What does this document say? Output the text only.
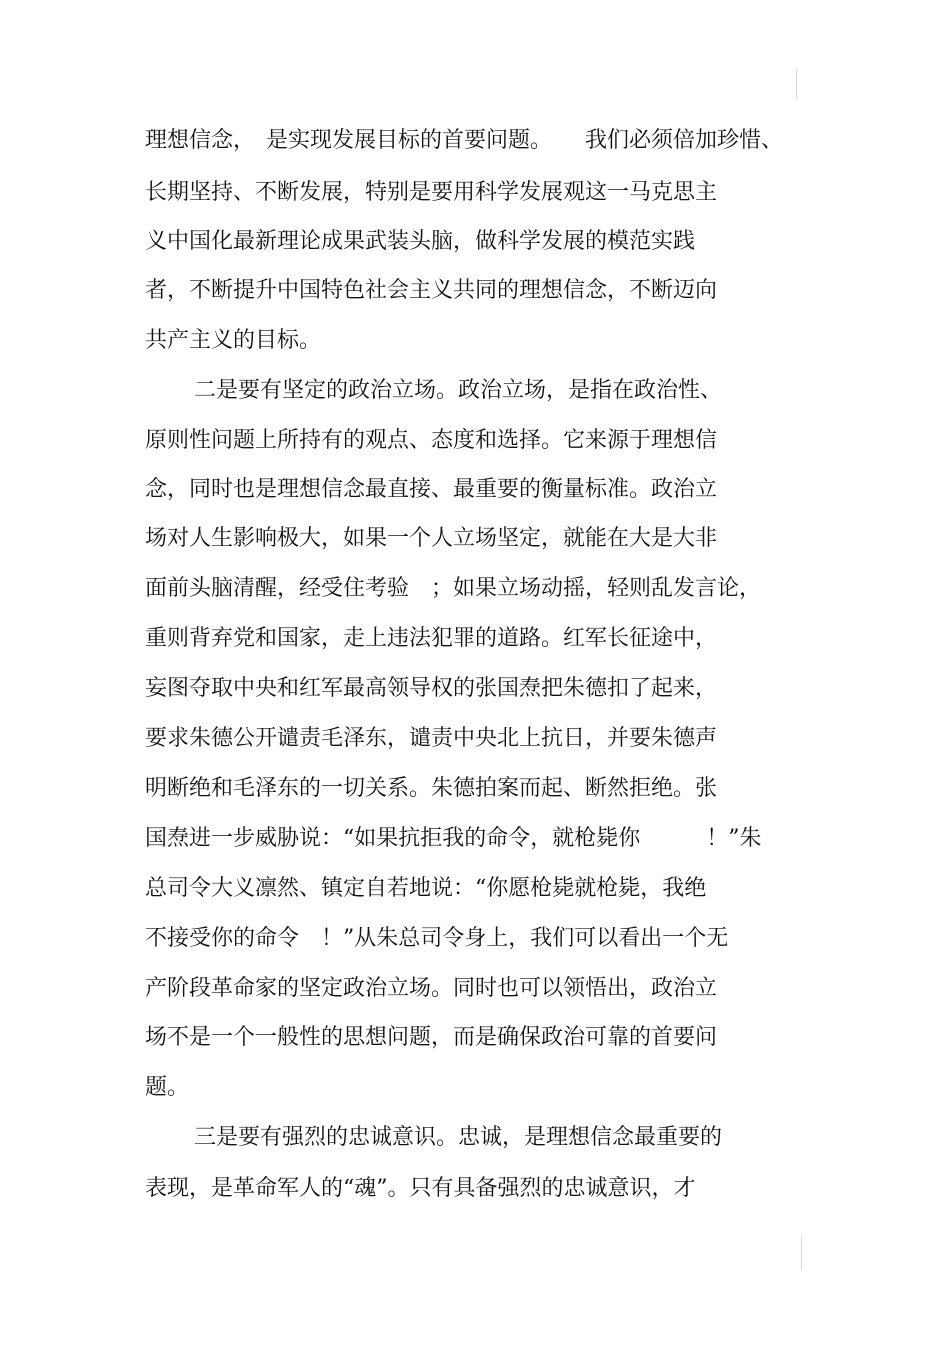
理想信念，　是实现发展目标的首要问题。　　我们必须倍加珍惜、
长期坚持、不断发展，特别是要用科学发展观这一马克思主
义中国化最新理论成果武装头脑，做科学发展的模范实践
者，不断提升中国特色社会主义共同的理想信念，不断迈向
共产主义的目标。
二是要有坚定的政治立场。政治立场，是指在政治性、
原则性问题上所持有的观点、态度和选择。它来源于理想信
念，同时也是理想信念最直接、最重要的衡量标准。政治立
场对人生影响极大，如果一个人立场坚定，就能在大是大非
面前头脑清醒，经受住考验　；如果立场动摇，轻则乱发言论，
重则背弃党和国家，走上违法犯罪的道路。红军长征途中，
妄图夺取中央和红军最高领导权的张国焘把朱德扣了起来，
要求朱德公开谴责毛泽东，谴责中央北上抗日，并要朱德声
明断绝和毛泽东的一切关系。朱德拍案而起、断然拒绝。张
国焘进一步威胁说：“如果抗拒我的命令，就枪毙你　　　！”朱
总司令大义凛然、镇定自若地说：“你愿枪毙就枪毙，我绝
不接受你的命令　！”从朱总司令身上，我们可以看出一个无
产阶段革命家的坚定政治立场。同时也可以领悟出，政治立
场不是一个一般性的思想问题，而是确保政治可靠的首要问
题。
三是要有强烈的忠诚意识。忠诚，是理想信念最重要的
表现，是革命军人的“魂”。只有具备强烈的忠诚意识，才
